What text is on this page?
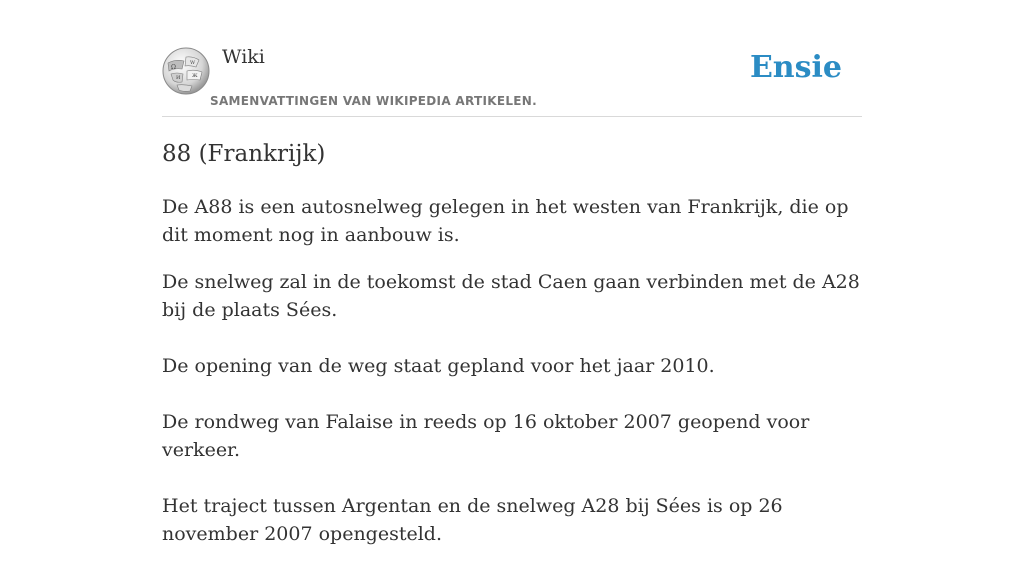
Ω
W
И Ж
Wiki
SAMENVATTINGEN VAN WIKIPEDIA ARTIKELEN.
Ensie
88 (Frankrijk)

De A88 is een autosnelweg gelegen in het westen van Frankrijk, die op dit moment nog in aanbouw is.

De snelweg zal in de toekomst de stad Caen gaan verbinden met de A28 bij de plaats Sées.

De opening van de weg staat gepland voor het jaar 2010.

De rondweg van Falaise in reeds op 16 oktober 2007 geopend voor verkeer.

Het traject tussen Argentan en de snelweg A28 bij Sées is op 26 november 2007 opengesteld.
